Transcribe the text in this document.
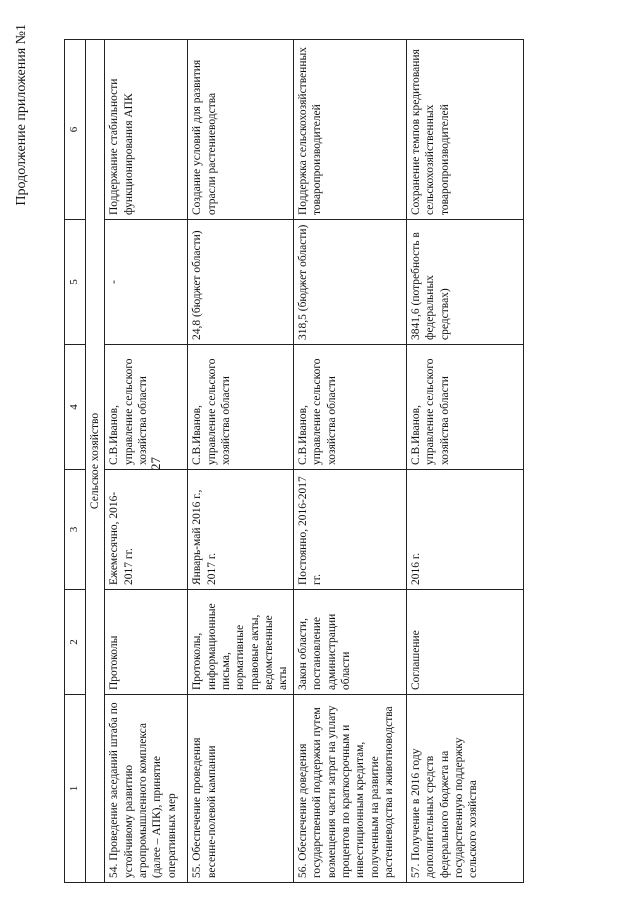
Продолжение приложения №1
27
1	2	3	4	5	6
Сельское хозяйство					
54. Проведение заседаний штаба по устойчивому развитию агропромышленного комплекса (далее – АПК), принятие оперативных мер	Протоколы	Ежемесячно, 2016-2017 гг.	С.В.Иванов, управление сельского хозяйства области	-	Поддержание стабильности функционирования АПК
55. Обеспечение проведения весенне-полевой кампании	Протоколы, информационные письма, нормативные правовые акты, ведомственные акты	Январь-май 2016 г., 2017 г.	С.В.Иванов, управление сельского хозяйства области	24,8 (бюджет области)	Создание условий для развития отрасли растениеводства
56. Обеспечение доведения государственной поддержки путем возмещения части затрат на уплату процентов по краткосрочным и инвестиционным кредитам, полученным на развитие растениеводства и животноводства	Закон области, постановление администрации области	Постоянно, 2016-2017 гг.	С.В.Иванов, управление сельского хозяйства области	318,5 (бюджет области)	Поддержка сельскохозяйственных товаропроизводителей
57. Получение в 2016 году дополнительных средств федерального бюджета на государственную поддержку сельского хозяйства	Соглашение	2016 г.	С.В.Иванов, управление сельского хозяйства области	3841,6 (потребность в федеральных средствах)	Сохранение темпов кредитования сельскохозяйственных товаропроизводителей
